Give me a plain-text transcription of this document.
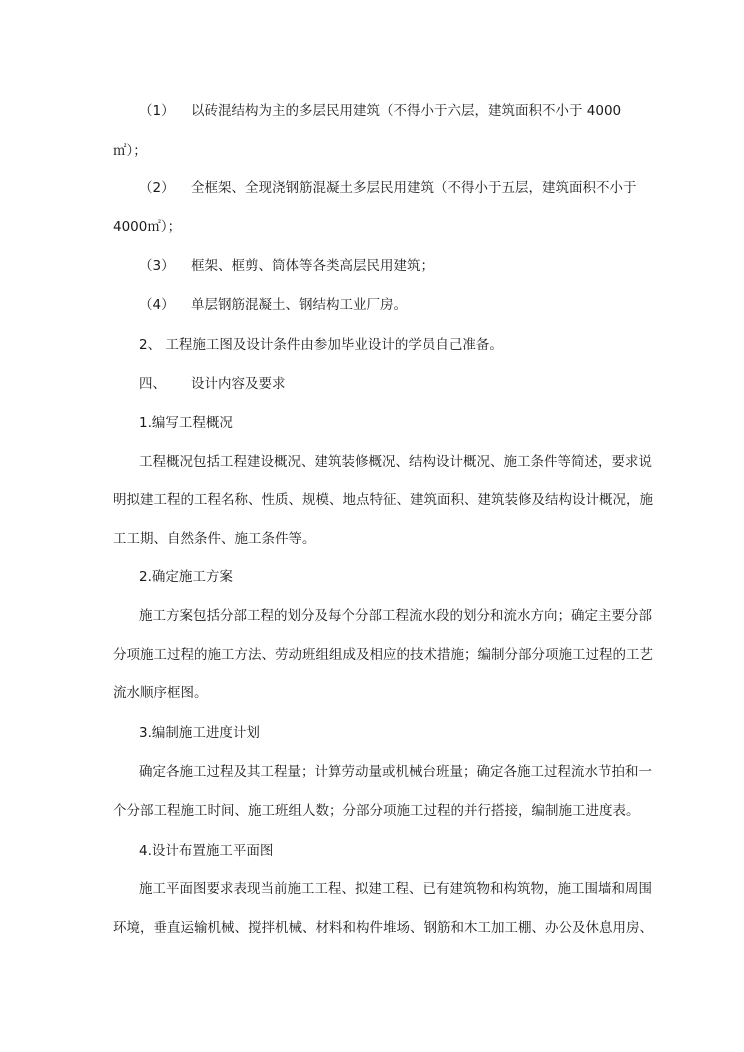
（1） 以砖混结构为主的多层民用建筑（不得小于六层，建筑面积不小于 4000
㎡）；
（2） 全框架、全现浇钢筋混凝土多层民用建筑（不得小于五层，建筑面积不小于
4000㎡）；
（3） 框架、框剪、筒体等各类高层民用建筑；
（4） 单层钢筋混凝土、钢结构工业厂房。
2、 工程施工图及设计条件由参加毕业设计的学员自己准备。
四、 设计内容及要求
1.编写工程概况
工程概况包括工程建设概况、建筑装修概况、结构设计概况、施工条件等简述，要求说
明拟建工程的工程名称、性质、规模、地点特征、建筑面积、建筑装修及结构设计概况，施
工工期、自然条件、施工条件等。
2.确定施工方案
施工方案包括分部工程的划分及每个分部工程流水段的划分和流水方向；确定主要分部
分项施工过程的施工方法、劳动班组组成及相应的技术措施；编制分部分项施工过程的工艺
流水顺序框图。
3.编制施工进度计划
确定各施工过程及其工程量；计算劳动量或机械台班量；确定各施工过程流水节拍和一
个分部工程施工时间、施工班组人数；分部分项施工过程的并行搭接，编制施工进度表。
4.设计布置施工平面图
施工平面图要求表现当前施工工程、拟建工程、已有建筑物和构筑物，施工围墙和周围
环境，垂直运输机械、搅拌机械、材料和构件堆场、钢筋和木工加工棚、办公及休息用房、
